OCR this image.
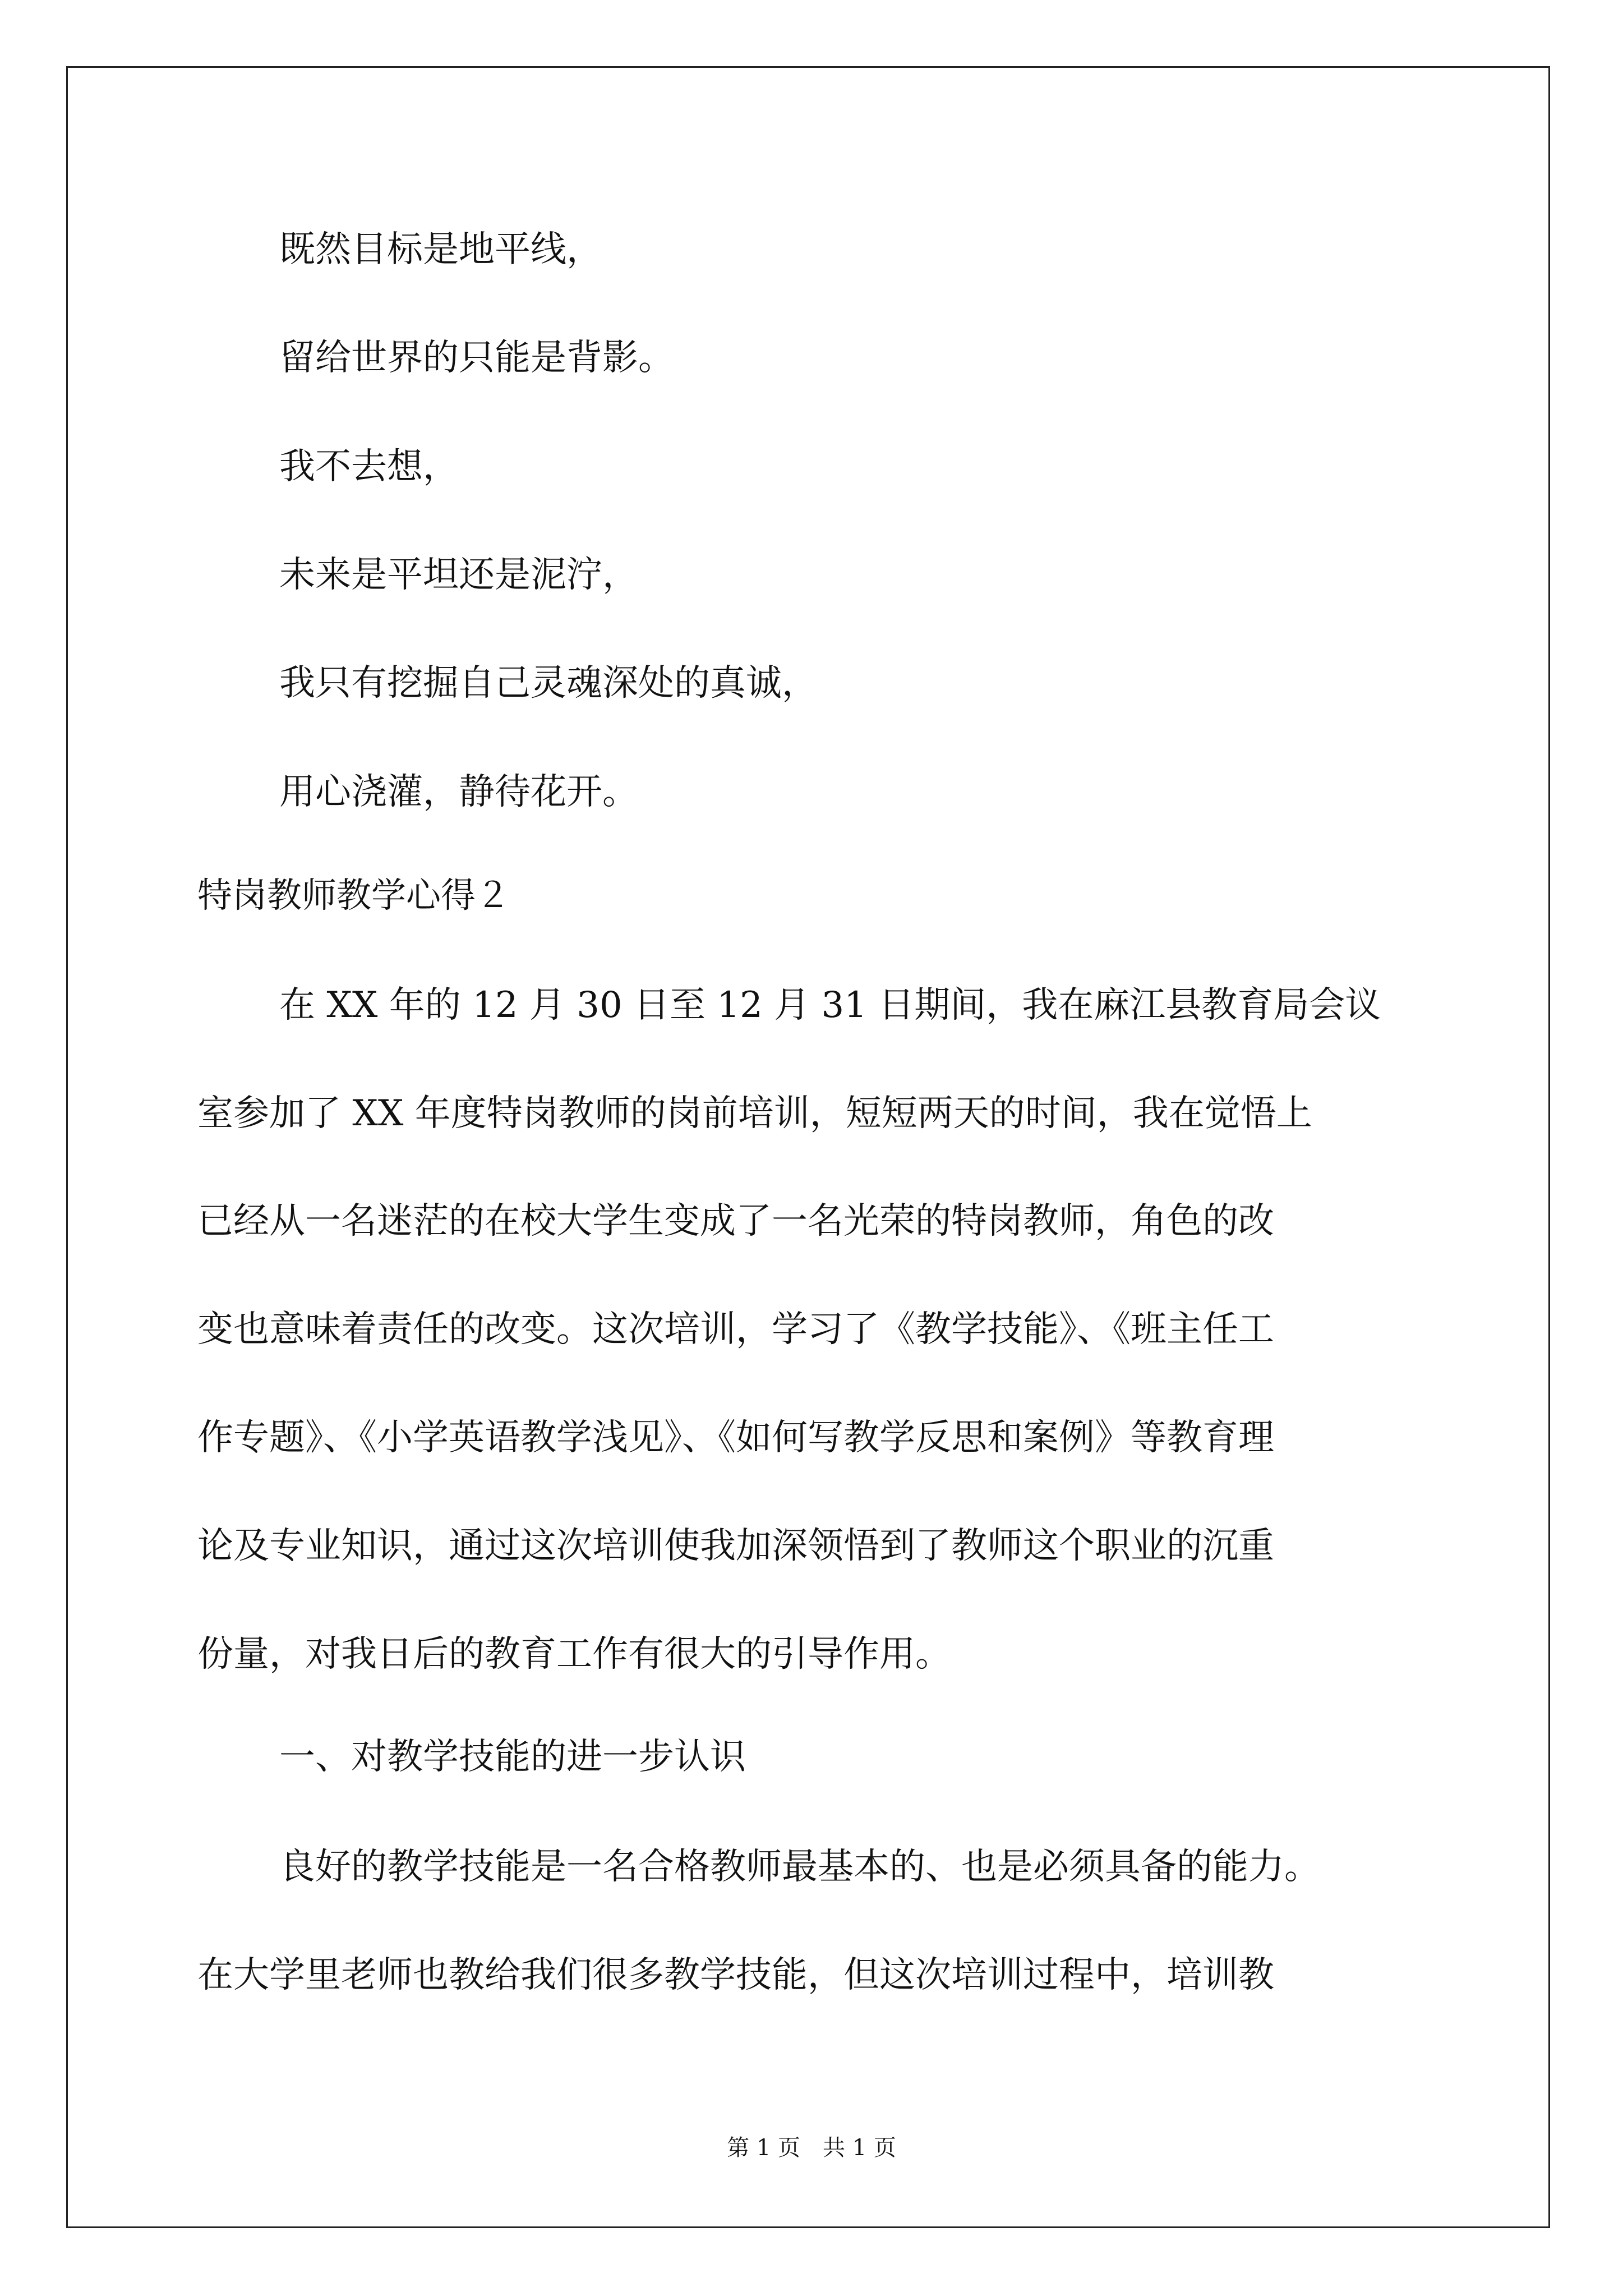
既然目标是地平线，

留给世界的只能是背影。

我不去想，

未来是平坦还是泥泞，

我只有挖掘自己灵魂深处的真诚，

用心浇灌，静待花开。

特岗教师教学心得２

在 XX 年的 12 月 30 日至 12 月 31 日期间，我在麻江县教育局会议

室参加了 XX 年度特岗教师的岗前培训，短短两天的时间，我在觉悟上

已经从一名迷茫的在校大学生变成了一名光荣的特岗教师，角色的改

变也意味着责任的改变。这次培训，学习了《教学技能》、《班主任工

作专题》、《小学英语教学浅见》、《如何写教学反思和案例》等教育理

论及专业知识，通过这次培训使我加深领悟到了教师这个职业的沉重

份量，对我日后的教育工作有很大的引导作用。

一、对教学技能的进一步认识

良好的教学技能是一名合格教师最基本的、也是必须具备的能力。

在大学里老师也教给我们很多教学技能，但这次培训过程中，培训教

第 1 页　共 1 页
